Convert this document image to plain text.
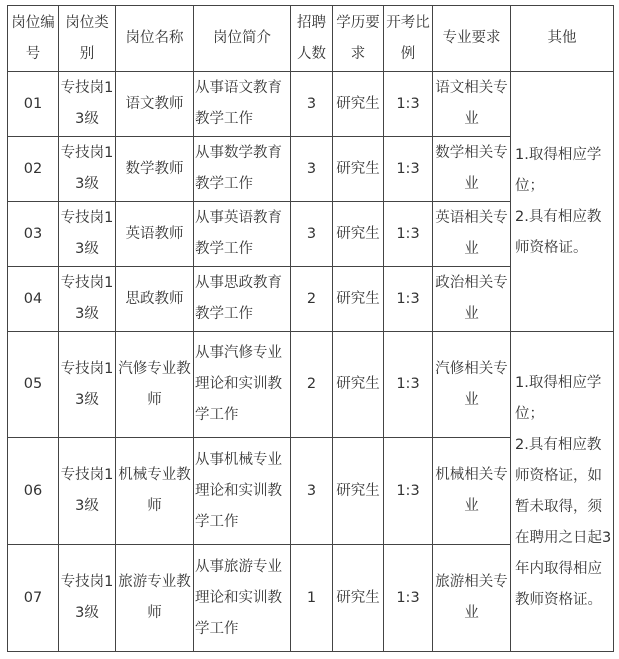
岗位编号	岗位类别	岗位名称	岗位简介	招聘人数	学历要求	开考比例	专业要求	其他
01	专技岗13级	语文教师	从事语文教育教学工作	3	研究生	1:3	语文相关专业	1.取得相应学位；
2.具有相应教师资格证。

02	专技岗13级	数学教师	从事数学教育教学工作	3	研究生	1:3	数学相关专业	
03	专技岗13级	英语教师	从事英语教育教学工作	3	研究生	1:3	英语相关专业	
04	专技岗13级	思政教师	从事思政教育教学工作	2	研究生	1:3	政治相关专业	
05	专技岗13级	汽修专业教师	从事汽修专业理论和实训教学工作	2	研究生	1:3	汽修相关专业	1.取得相应学位；
2.具有相应教师资格证，如暂未取得，须在聘用之日起3年内取得相应教师资格证。

06	专技岗13级	机械专业教师	从事机械专业理论和实训教学工作	3	研究生	1:3	机械相关专业	
07	专技岗13级	旅游专业教师	从事旅游专业理论和实训教学工作	1	研究生	1:3	旅游相关专业	
